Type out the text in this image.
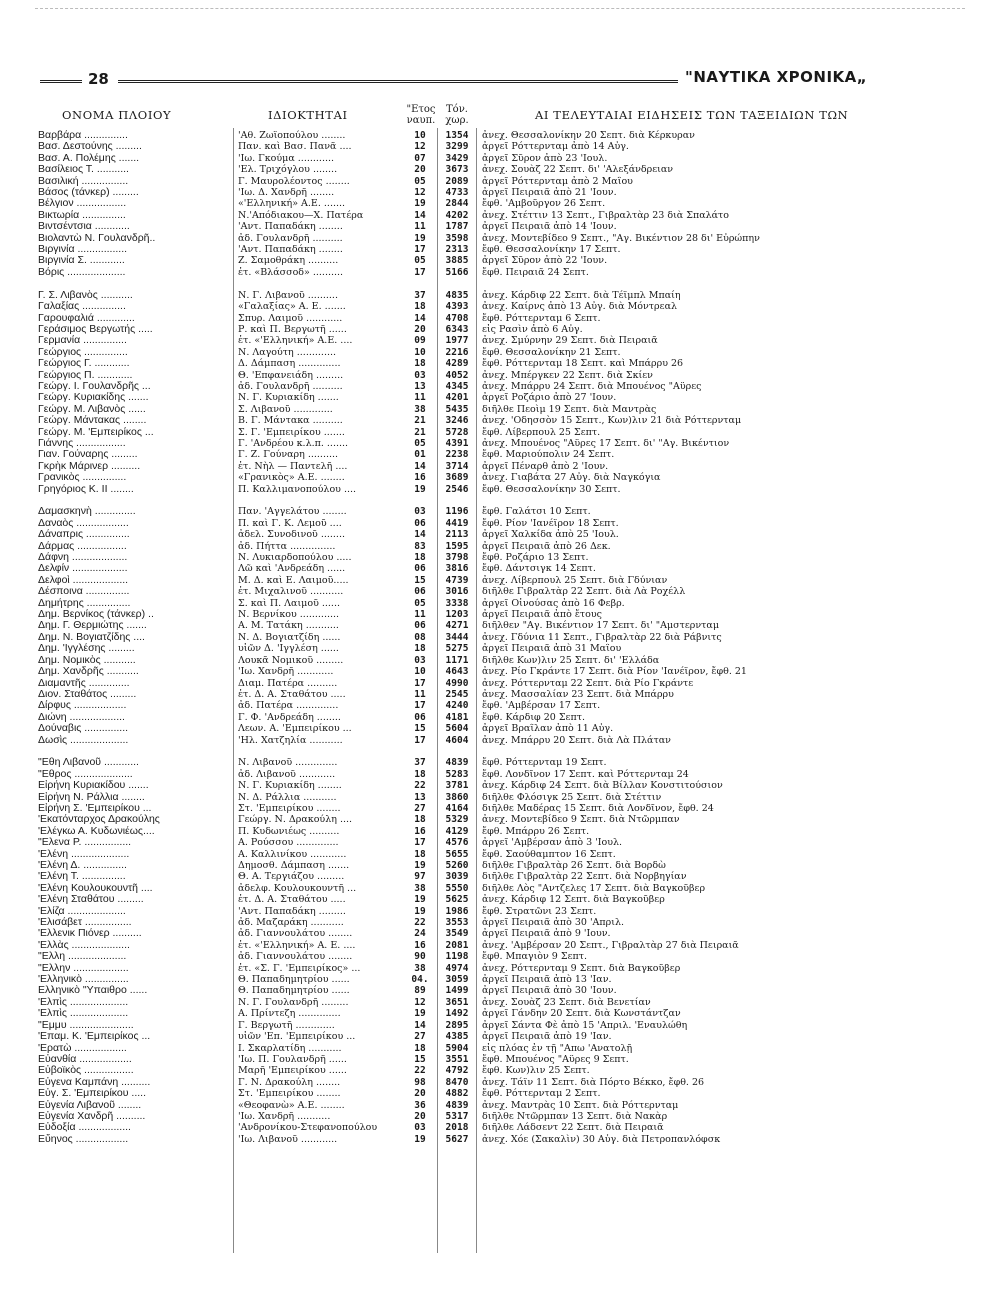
28	"ΝΑΥΤΙΚΑ ΧΡΟΝΙΚΑ„
ΟΝΟΜΑ ΠΛΟΙΟΥ	ΙΔΙΟΚΤΗΤΑΙ	"Ετος ναυπ.
Τόν. χωρ.	ΑΙ ΤΕΛΕΥΤΑΙΑΙ ΕΙΔΗΣΕΙΣ ΤΩΝ ΤΑΞΕΙΔΙΩΝ ΤΩΝ
Βαρβάρα ...............	'Αθ. Ζωϊοπούλου ........	10	1354	ἀνεχ. Θεσσαλονίκην 20 Σεπτ. διὰ Κέρκυραν
Βασ. Δεστούνης .........	Παν. καὶ Βασ. Πανᾶ ....	12	3299	ἀργεῖ Ρόττερνταμ ἀπὸ 14 Αὐγ.
Βασ. Α. Πολέμης .......	'Ιω. Γκούμα ............	07	3429	ἀργεῖ Σῦρον ἀπὸ 23 'Ιουλ.
Βασίλειος Τ. ...........	'Ελ. Τριχόγλου ........	20	3673	ἀνεχ. Σουὰζ 22 Σεπτ. δι' 'Αλεξάνδρειαν
Βασιλική ................	Γ. Μαυρολέοντος ........	05	2089	ἀργεῖ Ρόττερνταμ ἀπὸ 2 Μαΐου
Βάσος (τάνκερ) .........	'Ιω. Δ. Χανδρῆ ........	12	4733	ἀργεῖ Πειραιᾶ ἀπὸ 21 'Ιουν.
Βέλγιον .................	«'Ελληνική» Α.Ε. .......	19	2844	ἔφθ. 'Αμβοῦργον 26 Σεπτ.
Βικτωρία ...............	Ν.'Απόδιακου—Χ. Πατέρα	14	4202	ἀνεχ. Στέττιν 13 Σεπτ., Γιβραλτὰρ 23 διὰ Σπαλάτο
Βιντσέντσια ............	'Αντ. Παπαδάκη ........	11	1787	ἀργεῖ Πειραιᾶ ἀπὸ 14 'Ιουν.
Βιολαντὼ Ν. Γουλανδρῆ..	ἀδ. Γουλανδρῆ ..........	19	3598	ἀνεχ. Μοντεβίδεο 9 Σεπτ., "Αγ. Βικέντιον 28 δι' Εὐρώπην
Βιργινία .................	'Αντ. Παπαδάκη ........	17	2313	ἔφθ. Θεσσαλονίκην 17 Σεπτ.
Βιργινία Σ. ............	Ζ. Σαμοθράκη ..........	05	3885	ἀργεῖ Σῦρον ἀπὸ 22 'Ιουν.
Βόρις ....................	ἐτ. «Βλάσσοδ» ..........	17	5166	ἔφθ. Πειραιᾶ 24 Σεπτ.
Γ. Σ. Λιβανὸς ...........	Ν. Γ. Λιβανοῦ ..........	37	4835	ἀνεχ. Κάρδιφ 22 Σεπτ. διὰ Τέϊμπλ Μπαίη
Γαλαξίας ...............	«Γαλαξίας» Α. Ε. .......	18	4393	ἀνεχ. Καίρνς ἀπὸ 13 Αὐγ. διὰ Μόντρεαλ
Γαρουφαλιά .............	Σπυρ. Λαιμοῦ ............	14	4708	ἔφθ. Ρόττερνταμ 6 Σεπτ.
Γεράσιμος Βεργωτής .....	Ρ. καὶ Π. Βεργωτῆ ......	20	6343	εἰς Ρασὶν ἀπὸ 6 Αὐγ.
Γερμανία ...............	ἐτ. «'Ελληνική» Α.Ε. ....	09	1977	ἀνεχ. Σμύρνην 29 Σεπτ. διὰ Πειραιᾶ
Γεώργιος ...............	Ν. Λαγούτη .............	10	2216	ἔφθ. Θεσσαλονίκην 21 Σεπτ.
Γεώργιος Γ. ............	Δ. Δάμπαση ..............	18	4289	ἔφθ. Ρόττερνταμ 18 Σεπτ. καὶ Μπάρρυ 26
Γεώργιος Π. ............	Θ. 'Επφανειάδη .........	03	4052	ἀνεχ. Μπέργκεν 22 Σεπτ. διὰ Σκίεν
Γεώργ. Ι. Γουλανδρῆς ...	ἀδ. Γουλανδρῆ ..........	13	4345	ἀνεχ. Μπάρρυ 24 Σεπτ. διὰ Μπουένος "Αϋρες
Γεώργ. Κυριακίδης .......	Ν. Γ. Κυριακίδη .......	11	4201	ἀργεῖ Ροζάριο ἀπὸ 27 'Ιουν.
Γεώργ. Μ. Λιβανὸς ......	Σ. Λιβανοῦ .............	38	5435	διῆλθε Πεοὶμ 19 Σεπτ. διὰ Μαντρὰς
Γεώργ. Μάντακας ........	Β. Γ. Μάντακα ..........	21	3246	ἀνεχ. 'Οδησσὸν 15 Σεπτ., Κων)λιν 21 διὰ Ρόττερνταμ
Γεώργ. Μ. 'Εμπειρίκος ...	Σ. Γ. 'Εμπειρίκου .......	21	5728	ἔφθ. Λίβερπουλ 25 Σεπτ.
Γιάννης .................	Γ. 'Ανδρέου κ.λ.π. .......	05	4391	ἀνεχ. Μπουένος "Αϋρες 17 Σεπτ. δι' "Αγ. Βικέντιον
Γιαν. Γούναρης .........	Γ. Ζ. Γούναρη ..........	01	2238	ἔφθ. Μαριούπολιν 24 Σεπτ.
Γκρὴκ Μάρινερ ..........	ἐτ. Νὴλ — Παντελῆ ....	14	3714	ἀργεῖ Πέναρθ ἀπὸ 2 'Ιουν.
Γρανικὸς ...............	«Γρανικὸς» Α.Ε. ........	16	3689	ἀνεχ. Γιαβάτα 27 Αὐγ. διὰ Ναγκόγια
Γρηγόριος Κ. ΙΙ ........	Π. Καλλιμανοπούλου ....	19	2546	ἔφθ. Θεσσαλονίκην 30 Σεπτ.
Δαμασκηνὴ ..............	Παν. 'Αγγελάτου ........	03	1196	ἔφθ. Γαλάτσι 10 Σεπτ.
Δαναὸς ..................	Π. καὶ Γ. Κ. Λεμοῦ ....	06	4419	ἔφθ. Ρίον 'Ιανέϊρον 18 Σεπτ.
Δάναπρις ...............	ἀδελ. Συνοδινοῦ ........	14	2113	ἀργεῖ Χαλκίδα ἀπὸ 25 'Ιουλ.
Δάρμας .................	ἀδ. Πήττα ...............	83	1595	ἀργεῖ Πειραιᾶ ἀπὸ 26 Δεκ.
Δάφνη ...................	Ν. Λυκιαρδοπούλου .....	18	3798	ἔφθ. Ροζάριο 13 Σεπτ.
Δελφίν ...................	Λῶ καὶ 'Ανδρεάδη ......	06	3816	ἔφθ. Δάντσιγκ 14 Σεπτ.
Δελφοὶ ...................	Μ. Δ. καὶ Ε. Λαιμοῦ.....	15	4739	ἀνεχ. Λίβερπουλ 25 Σεπτ. διὰ Γδύνιαν
Δέσποινα ...............	ἐτ. Μιχαλινοῦ ...........	06	3016	διῆλθε Γιβραλτὰρ 22 Σεπτ. διὰ Λὰ Ροχέλλ
Δημήτρης ...............	Σ. καὶ Π. Λαιμοῦ ......	05	3338	ἀργεῖ Οἰνούσας ἀπὸ 16 Φεβρ.
Δημ. Βερνίκος (τάνκερ) ..	Ν. Βερνίκου .............	11	1203	ἀργεῖ Πειραιᾶ ἀπὸ ἔτους
Δημ. Γ. Θερμιώτης .......	Α. Μ. Τατάκη ...........	06	4271	διῆλθεν "Αγ. Βικέντιον 17 Σεπτ. δι' "Αμστερνταμ
Δημ. Ν. Βογιατζίδης ....	Ν. Δ. Βογιατζίδη ......	08	3444	ἀνεχ. Γδύνια 11 Σεπτ., Γιβραλτὰρ 22 διὰ Ράβνιτς
Δημ. 'Ιγγλέσης .........	υἱῶν Δ. 'Ιγγλέση ......	18	5275	ἀργεῖ Πειραιᾶ ἀπὸ 31 Μαΐου
Δημ. Νομικὸς ...........	Λουκᾶ Νομικοῦ .........	03	1171	διῆλθε Κων)λιν 25 Σεπτ. δι' 'Ελλάδα
Δημ. Χανδρῆς ...........	'Ιω. Χανδρῆ ............	10	4643	ἀνεχ. Ρίο Γκράντε 17 Σεπτ. διὰ Ρίον 'Ιανέϊρον, ἔφθ. 21
Διαμαντῆς ..............	Διαμ. Πατέρα ..........	17	4990	ἀνεχ. Ρόττερνταμ 22 Σεπτ. διὰ Ρίο Γκράντε
Διον. Σταθάτος .........	ἐτ. Δ. Α. Σταθάτου .....	11	2545	ἀνεχ. Μασσαλίαν 23 Σεπτ. διὰ Μπάρρυ
Δίρφυς ..................	ἀδ. Πατέρα ..............	17	4240	ἔφθ. 'Αμβέρσαν 17 Σεπτ.
Διώνη ...................	Γ. Φ. 'Ανδρεάδη ........	06	4181	ἔφθ. Κάρδιφ 20 Σεπτ.
Δούναβις ...............	Λεων. Α. 'Εμπειρίκου ...	15	5604	ἀργεῖ Βραΐλαν ἀπὸ 11 Αὐγ.
Δωσὶς ....................	'Ηλ. Χατζηλία ...........	17	4604	ἀνεχ. Μπάρρυ 20 Σεπτ. διὰ Λὰ Πλάταν
"Εθη Λιβανοῦ ............	Ν. Λιβανοῦ ..............	37	4839	ἔφθ. Ρόττερνταμ 19 Σεπτ.
"Εθρος ....................	ἀδ. Λιβανοῦ ............	18	5283	ἔφθ. Λονδῖνον 17 Σεπτ. καὶ Ρόττερνταμ 24
Εἰρήνη Κυριακίδου .......	Ν. Γ. Κυριακίδη ........	22	3781	ἀνεχ. Κάρδιφ 24 Σεπτ. διὰ Βίλλαν Κονστιτούσιον
Εἰρήνη Ν. Ράλλια ........	Ν. Δ. Ράλλια ...........	13	3860	διῆλθε Φλόσιγκ 25 Σεπτ. διὰ Στέττιν
Εἰρήνη Σ. 'Εμπειρίκου ...	Στ. 'Εμπειρίκου ........	27	4164	διῆλθε Μαδέρας 15 Σεπτ. διὰ Λονδῖνον, ἔφθ. 24
'Εκατόνταρχος Δρακούλης	Γεώργ. Ν. Δρακούλη ....	18	5329	ἀνεχ. Μοντεβίδεο 9 Σεπτ. διὰ Ντῶρμπαν
'Ελέγκω Α. Κυδωνιέως....	Π. Κυδωνιέως ..........	16	4129	ἔφθ. Μπάρρυ 26 Σεπτ.
"Ελενα Ρ. ................	Α. Ρούσσου ..............	17	4576	ἀργεῖ 'Αμβέρσαν ἀπὸ 3 'Ιουλ.
'Ελένη ....................	Α. Καλλινίκου ............	18	5655	ἔφθ. Σαούθαμπτον 16 Σεπτ.
'Ελένη Δ. ...............	Δημοσθ. Δάμπαση .......	19	5260	διῆλθε Γιβραλτὰρ 26 Σεπτ. διὰ Βορδὼ
'Ελένη Τ. ...............	Θ. Α. Τεργιάζου .........	97	3039	διῆλθε Γιβραλτὰρ 22 Σεπτ. διὰ Νορβηγίαν
'Ελένη Κουλουκουντῆ ....	ἀδελφ. Κουλουκουντῆ ...	38	5550	διῆλθε Λὸς "Αντζελες 17 Σεπτ. διὰ Βαγκοῦβερ
'Ελένη Σταθάτου .........	ἐτ. Δ. Α. Σταθάτου .....	19	5625	ἀνεχ. Κάρδιφ 12 Σεπτ. διὰ Βαγκοῦβερ
'Ελίζα ....................	'Αντ. Παπαδάκη .........	19	1986	ἔφθ. Στρατῶνι 23 Σεπτ.
'Ελισάβετ ................	ἀδ. Μαζαράκη ...........	22	3553	ἀργεῖ Πειραιᾶ ἀπὸ 30 'Απριλ.
'Ελλενικ Πιόνερ ..........	ἀδ. Γιαννουλάτου ........	24	3549	ἀργεῖ Πειραιᾶ ἀπὸ 9 'Ιουν.
'Ελλὰς ....................	ἐτ. «'Ελληνική» Α. Ε. ....	16	2081	ἀνεχ. 'Αμβέρσαν 20 Σεπτ., Γιβραλτὰρ 27 διὰ Πειραιᾶ
"Ελλη ....................	ἀδ. Γιαννουλάτου ........	90	1198	ἔφθ. Μπαγιὸν 9 Σεπτ.
"Ελλην ...................	ἐτ. «Σ. Γ. 'Εμπειρίκος» ...	38	4974	ἀνεχ. Ρόττερνταμ 9 Σεπτ. διὰ Βαγκοῦβερ
'Ελληνικὸ ...............	Θ. Παπαδημητρίου ......	04.	3059	ἀργεῖ Πειραιᾶ ἀπὸ 13 'Ιαν.
Ελληνικὸ "Υπαιθρο ......	Θ. Παπαδημητρίου ......	89	1499	ἀργεῖ Πειραιᾶ ἀπὸ 30 'Ιουν.
'Ελπὶς ....................	Ν. Γ. Γουλανδρῆ .........	12	3651	ἀνεχ. Σουὰζ 23 Σεπτ. διὰ Βενετίαν
'Ελπὶς ....................	Α. Πρίντεζη ..............	19	1492	ἀργεῖ Γάνδην 20 Σεπτ. διὰ Κωνστάντζαν
"Εμμυ ......................	Γ. Βεργωτῆ .............	14	2895	ἀργεῖ Σάντα Φὲ ἀπὸ 15 'Απριλ. 'Εναυλώθη
'Επαμ. Κ. 'Εμπειρίκος ...	υἱῶν 'Επ. 'Εμπειρίκου ...	27	4385	ἀργεῖ Πειραιᾶ ἀπὸ 19 'Ιαν.
'Ερατὼ ..................	Ι. Σκαρλατίδη ...........	18	5904	εἰς πλόας ἐν τῇ "Απω 'Ανατολῇ
Εὐανθία ..................	'Ιω. Π. Γουλανδρῆ ......	15	3551	ἔφθ. Μπουένος "Αϋρες 9 Σεπτ.
Εὐβοϊκὸς .................	Μαρῆ 'Εμπειρίκου ......	22	4792	ἔφθ. Κων)λιν 25 Σεπτ.
Εὐγενα Καμπάνη ..........	Γ. Ν. Δρακούλη ........	98	8470	ἀνεχ. Τάϊν 11 Σεπτ. διὰ Πόρτο Βέκκο, ἔφθ. 26
Εὐγ. Σ. 'Εμπειρίκου .....	Στ. 'Εμπειρίκου ........	20	4882	ἔφθ. Ρόττερνταμ 2 Σεπτ.
Εὐγενία Λιβανοῦ ........	«Θεοφανὼ» Α.Ε. ........	36	4839	ἀνεχ. Μαντρὰς 10 Σεπτ. διὰ Ρόττερνταμ
Εὐγενία Χανδρῆ ..........	'Ιω. Χανδρῆ ...........	20	5317	διῆλθε Ντῶρμπαν 13 Σεπτ. διὰ Νακὰρ
Εὐδοξία ..................	'Ανδρονίκου-Στεφανοπούλου	03	2018	διῆλθε Λάδσεντ 22 Σεπτ. διὰ Πειραιᾶ
Εὔηνος ..................	'Ιω. Λιβανοῦ ............	19	5627	ἀνεχ. Χόε (Σακαλὶν) 30 Αὐγ. διὰ Πετροπανλόφσκ
